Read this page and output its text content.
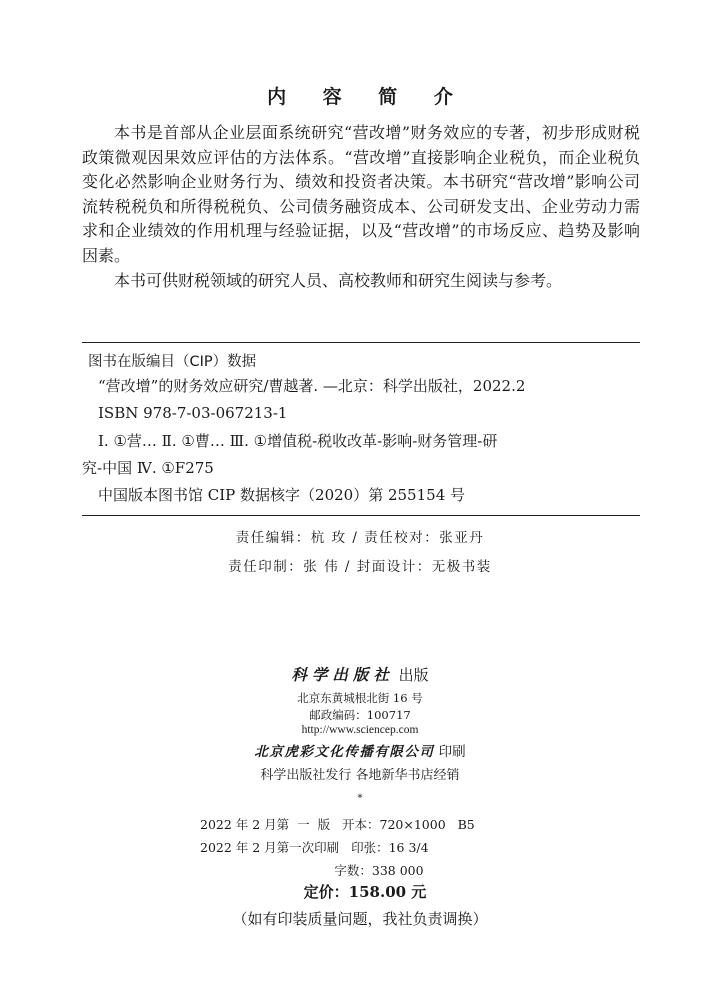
内 容 简 介

本书是首部从企业层面系统研究“营改增”财务效应的专著，初步形成财税政策微观因果效应评估的方法体系。“营改增”直接影响企业税负，而企业税负变化必然影响企业财务行为、绩效和投资者决策。本书研究“营改增”影响公司流转税税负和所得税税负、公司债务融资成本、公司研发支出、企业劳动力需求和企业绩效的作用机理与经验证据，以及“营改增”的市场反应、趋势及影响因素。

本书可供财税领域的研究人员、高校教师和研究生阅读与参考。

图书在版编目（CIP）数据
“营改增”的财务效应研究/曹越著. —北京：科学出版社，2022.2
ISBN 978-7-03-067213-1
Ⅰ. ①营… Ⅱ. ①曹… Ⅲ. ①增值税-税收改革-影响-财务管理-研
究-中国 Ⅳ. ①F275
中国版本图书馆 CIP 数据核字（2020）第 255154 号
责任编辑：杭 玫 / 责任校对：张亚丹
责任印制：张 伟 / 封面设计：无极书装
科学出版社 出版
北京东黄城根北街 16 号
邮政编码：100717
http://www.sciencep.com
北京虎彩文化传播有限公司 印刷
科学出版社发行 各地新华书店经销
*
2022 年 2 月第  一  版   开本：720×1000   B5
2022 年 2 月第一次印刷   印张：16 3/4
字数：338 000
定价：158.00 元
（如有印装质量问题，我社负责调换）
